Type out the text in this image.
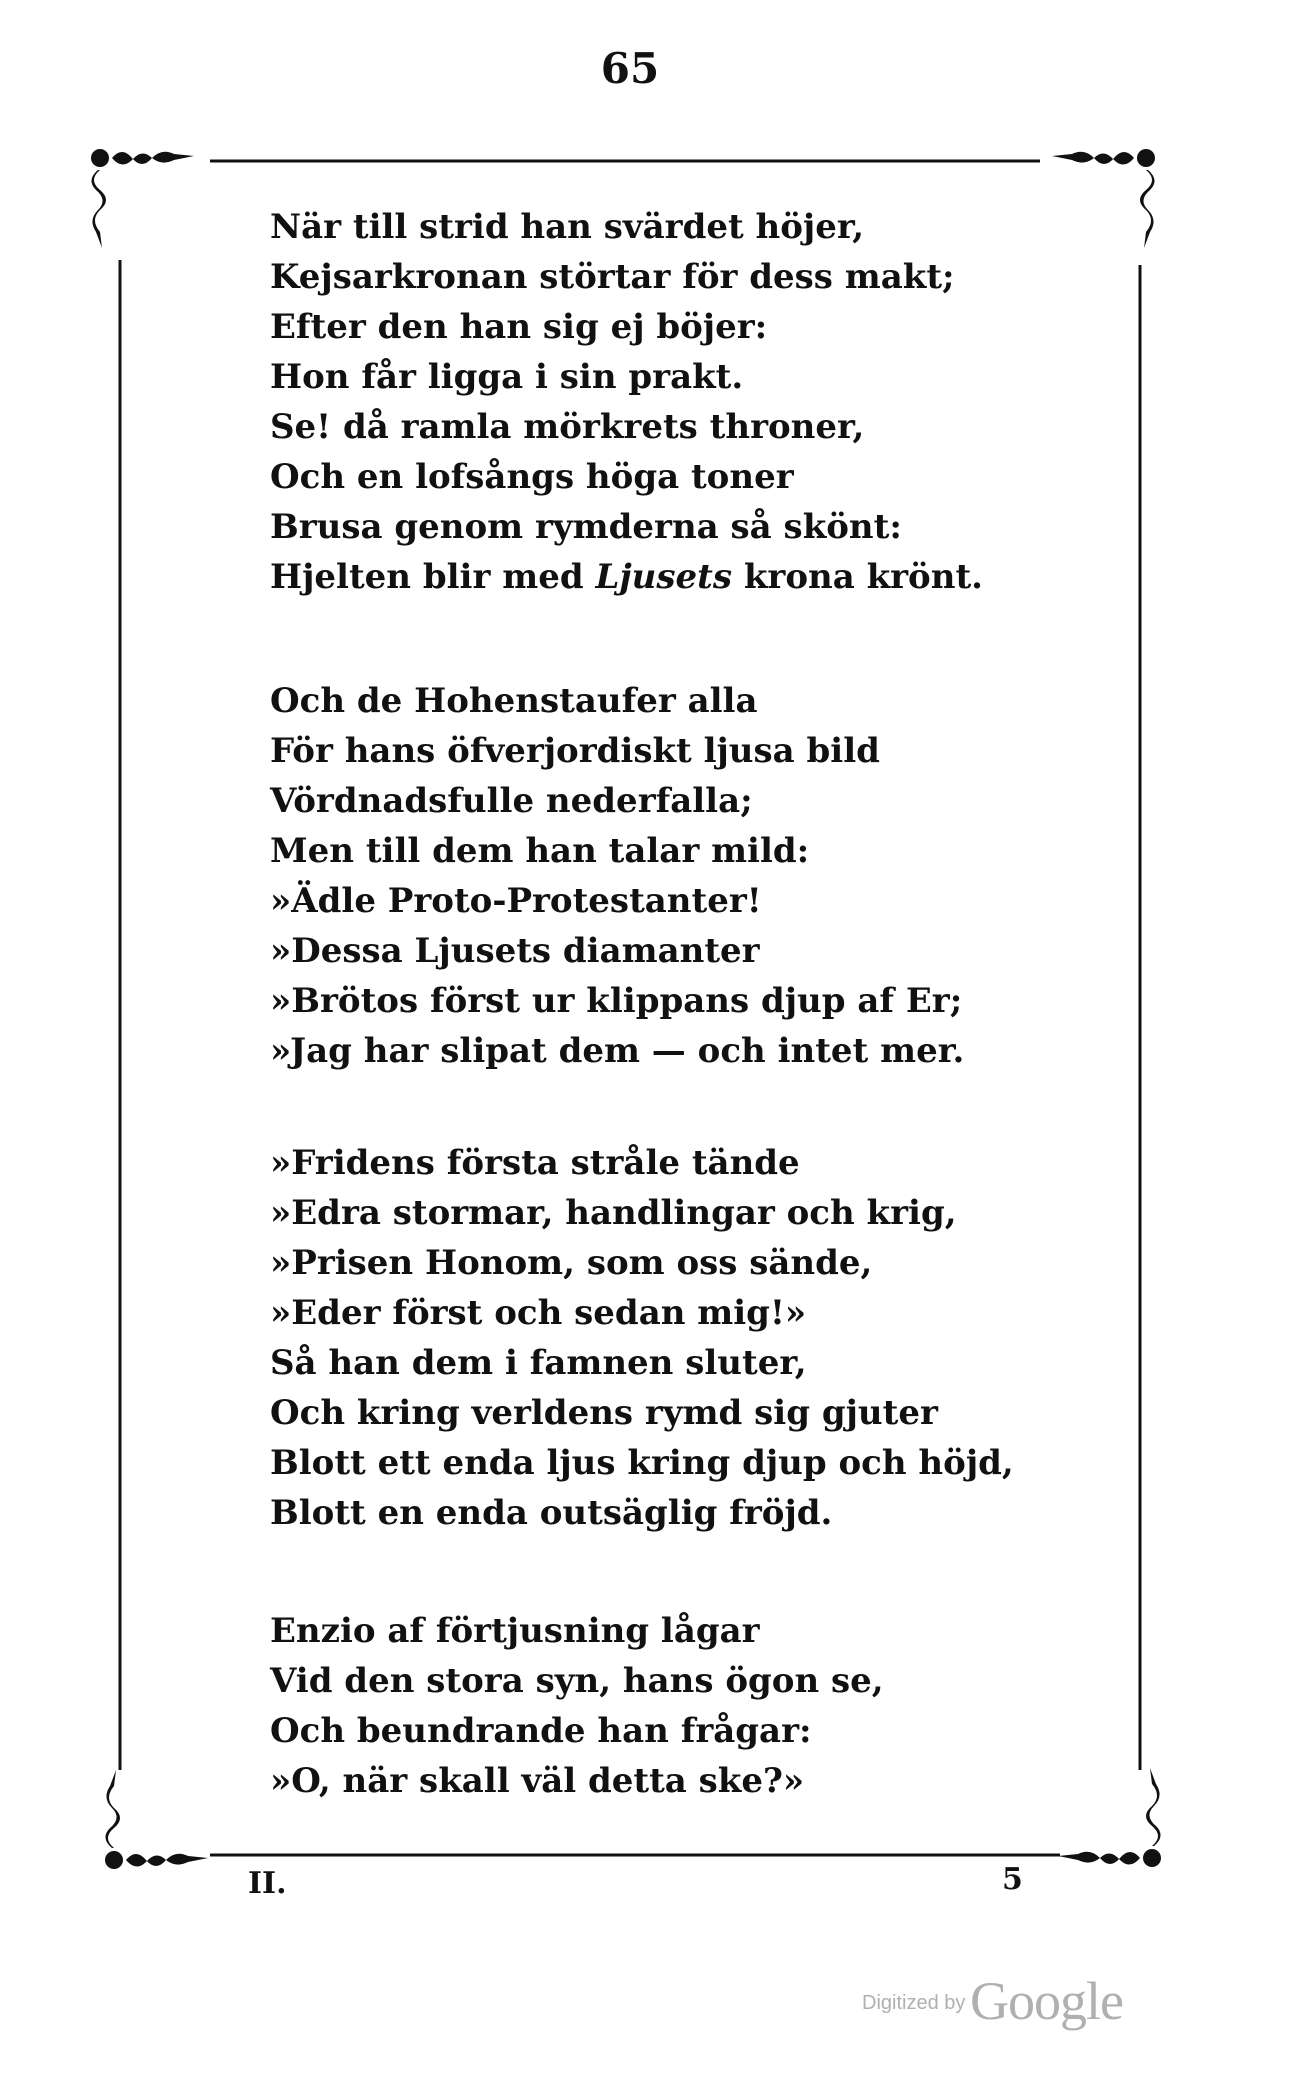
65
När till strid han svärdet höjer,
Kejsarkronan störtar för dess makt;
Efter den han sig ej böjer:
Hon får ligga i sin prakt.
Se! då ramla mörkrets throner,
Och en lofsångs höga toner
Brusa genom rymderna så skönt:
Hjelten blir med Ljusets krona krönt.
Och de Hohenstaufer alla
För hans öfverjordiskt ljusa bild
Vördnadsfulle nederfalla;
Men till dem han talar mild:
»Ädle Proto-Protestanter!
»Dessa Ljusets diamanter
»Brötos först ur klippans djup af Er;
»Jag har slipat dem — och intet mer.
»Fridens första stråle tände
»Edra stormar, handlingar och krig,
»Prisen Honom, som oss sände,
»Eder först och sedan mig!»
Så han dem i famnen sluter,
Och kring verldens rymd sig gjuter
Blott ett enda ljus kring djup och höjd,
Blott en enda outsäglig fröjd.
Enzio af förtjusning lågar
Vid den stora syn, hans ögon se,
Och beundrande han frågar:
»O, när skall väl detta ske?»
II.	5
Digitized by Google
